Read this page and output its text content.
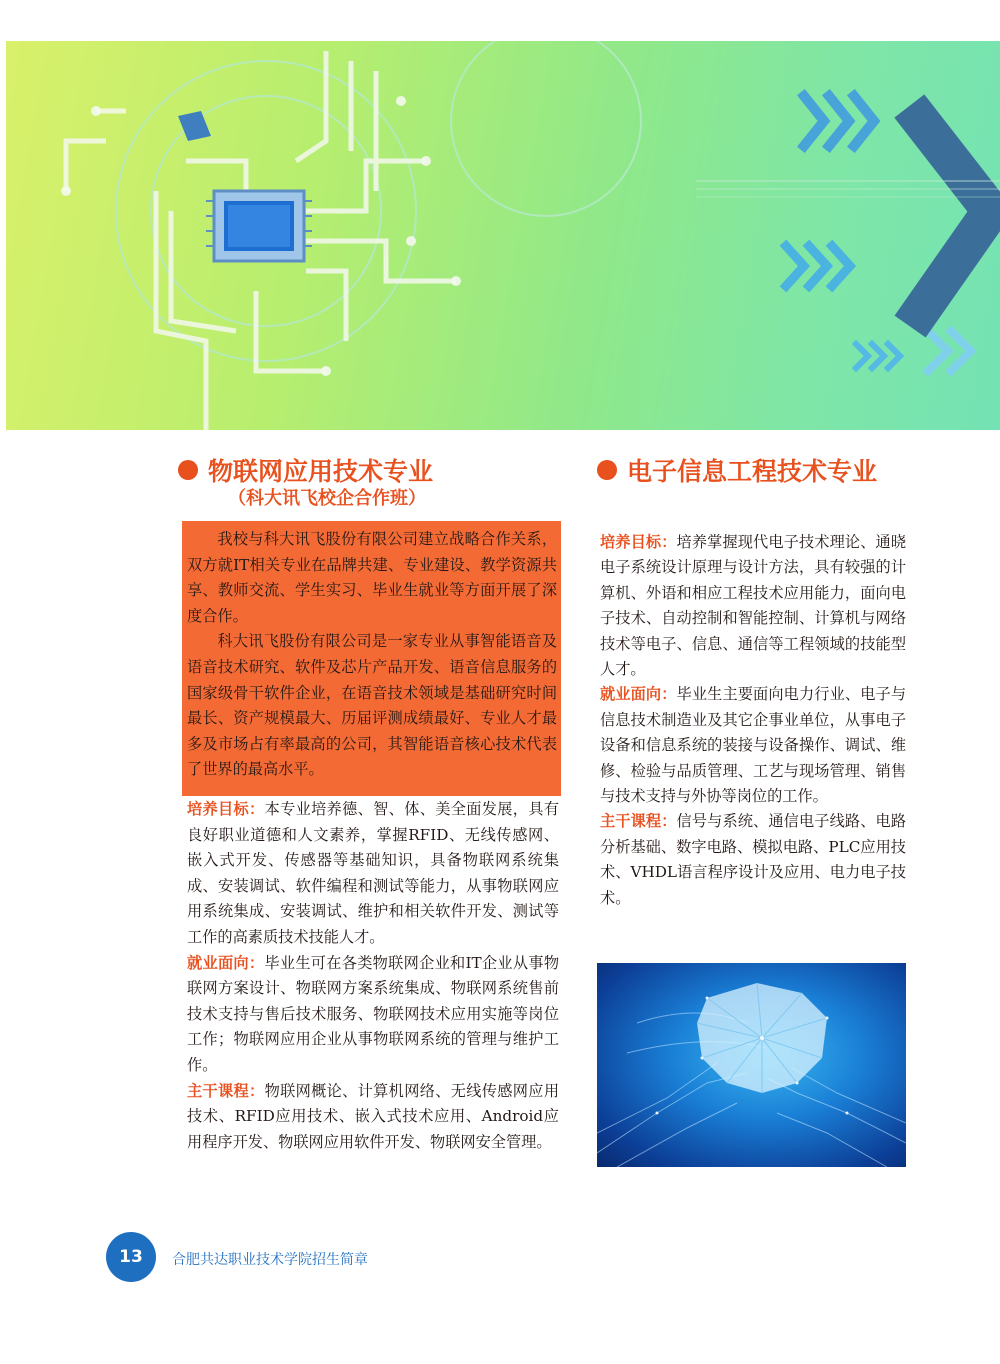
物联网应用技术专业
（科大讯飞校企合作班）
电子信息工程技术专业

我校与科大讯飞股份有限公司建立战略合作关系，双方就IT相关专业在品牌共建、专业建设、教学资源共享、教师交流、学生实习、毕业生就业等方面开展了深度合作。

科大讯飞股份有限公司是一家专业从事智能语音及语音技术研究、软件及芯片产品开发、语音信息服务的国家级骨干软件企业，在语音技术领域是基础研究时间最长、资产规模最大、历届评测成绩最好、专业人才最多及市场占有率最高的公司，其智能语音核心技术代表了世界的最高水平。

培养目标：本专业培养德、智、体、美全面发展，具有良好职业道德和人文素养，掌握RFID、无线传感网、嵌入式开发、传感器等基础知识，具备物联网系统集成、安装调试、软件编程和测试等能力，从事物联网应用系统集成、安装调试、维护和相关软件开发、测试等工作的高素质技术技能人才。

就业面向：毕业生可在各类物联网企业和IT企业从事物联网方案设计、物联网方案系统集成、物联网系统售前技术支持与售后技术服务、物联网技术应用实施等岗位工作；物联网应用企业从事物联网系统的管理与维护工作。

主干课程：物联网概论、计算机网络、无线传感网应用技术、RFID应用技术、嵌入式技术应用、Android应用程序开发、物联网应用软件开发、物联网安全管理。

培养目标：培养掌握现代电子技术理论、通晓电子系统设计原理与设计方法，具有较强的计算机、外语和相应工程技术应用能力，面向电子技术、自动控制和智能控制、计算机与网络技术等电子、信息、通信等工程领域的技能型人才。

就业面向：毕业生主要面向电力行业、电子与信息技术制造业及其它企事业单位，从事电子设备和信息系统的装接与设备操作、调试、维修、检验与品质管理、工艺与现场管理、销售与技术支持与外协等岗位的工作。

主干课程：信号与系统、通信电子线路、电路分析基础、数字电路、模拟电路、PLC应用技术、VHDL语言程序设计及应用、电力电子技术。

13	合肥共达职业技术学院招生简章
